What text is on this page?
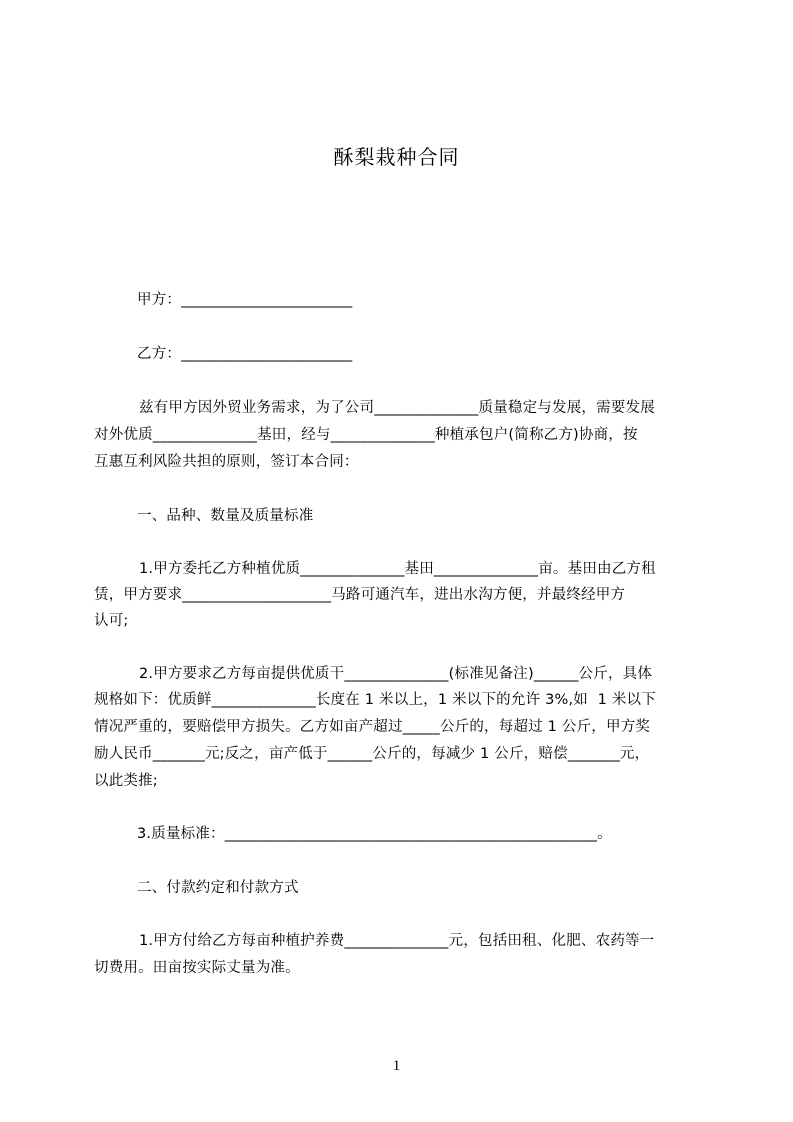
酥梨栽种合同
甲方：_______________________
乙方：_______________________
兹有甲方因外贸业务需求，为了公司______________质量稳定与发展，需要发展
对外优质______________基田，经与______________种植承包户(简称乙方)协商，按
互惠互利风险共担的原则，签订本合同：
一、品种、数量及质量标准
1.甲方委托乙方种植优质______________基田______________亩。基田由乙方租
赁，甲方要求____________________马路可通汽车，进出水沟方便，并最终经甲方
认可;
2.甲方要求乙方每亩提供优质干______________(标准见备注)______公斤，具体
规格如下：优质鲜______________长度在 1 米以上，1 米以下的允许 3%,如  1 米以下
情况严重的，要赔偿甲方损失。乙方如亩产超过_____公斤的，每超过 1 公斤，甲方奖
励人民币_______元;反之，亩产低于______公斤的，每减少 1 公斤，赔偿_______元，
以此类推;
3.质量标准：__________________________________________________。
二、付款约定和付款方式
1.甲方付给乙方每亩种植护养费______________元，包括田租、化肥、农药等一
切费用。田亩按实际丈量为准。
1
